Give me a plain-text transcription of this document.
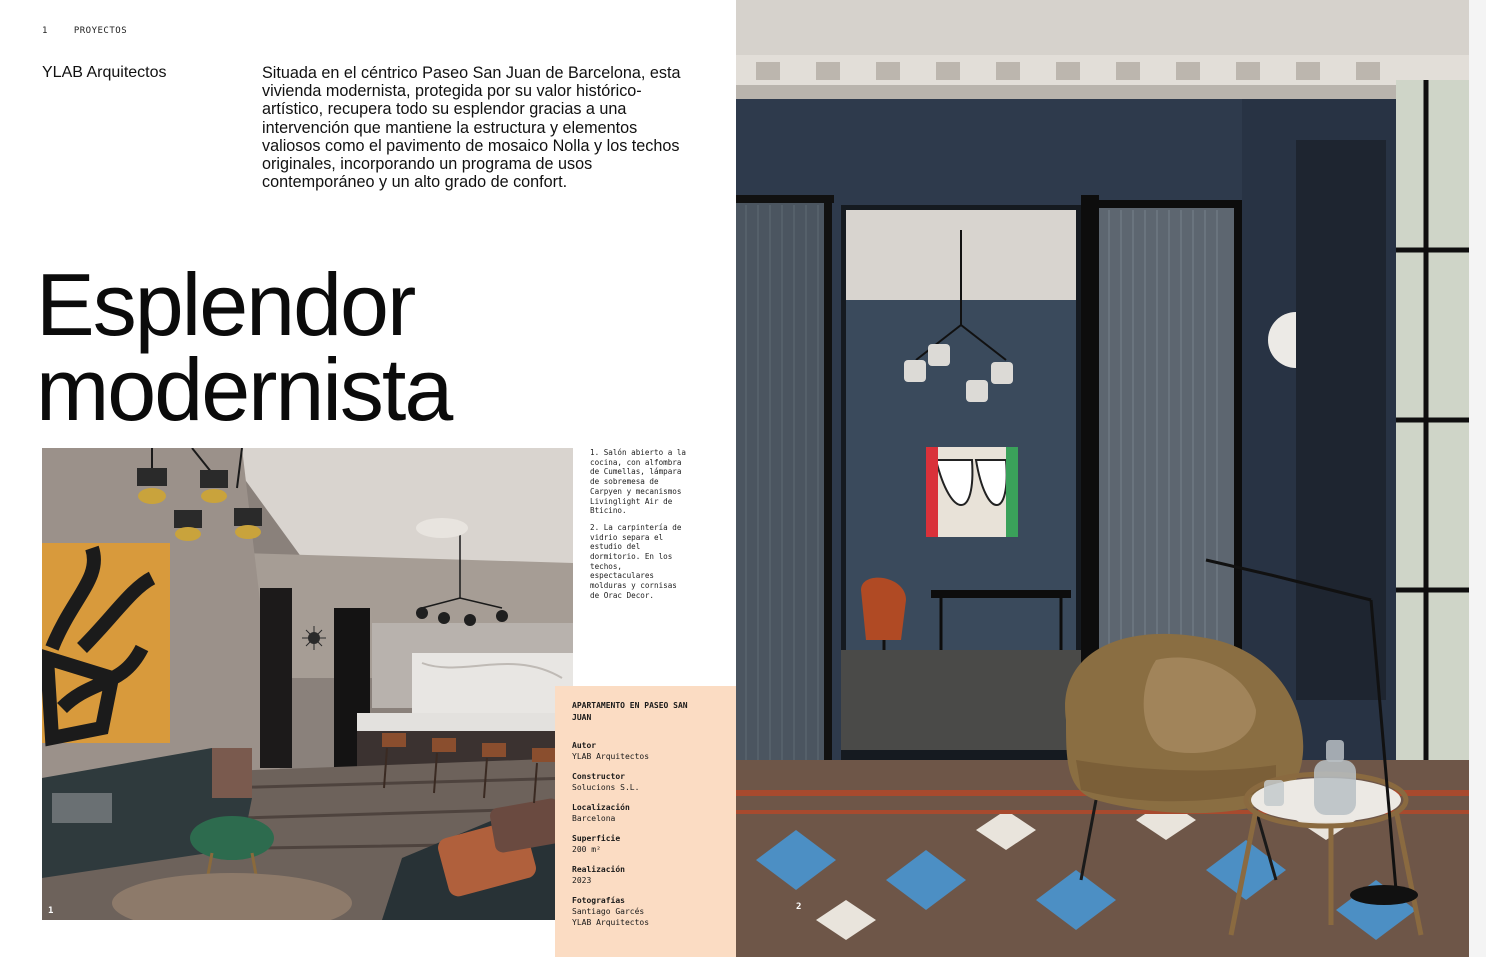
1	PROYECTOS
YLAB Arquitectos	Situada en el céntrico Paseo San Juan de Barcelona, esta vivienda modernista, protegida por su valor histórico-artístico, recupera todo su esplendor gracias a una intervención que mantiene la estructura y elementos valiosos como el pavimento de mosaico Nolla y los techos originales, incorporando un programa de usos contemporáneo y un alto grado de confort.
Esplendor
modernista
1

1. Salón abierto a la cocina, con alfombra de Cumellas, lámpara de sobremesa de Carpyen y mecanismos Livinglight Air de Bticino.

2. La carpintería de vidrio separa el estudio del dormitorio. En los techos, espectaculares molduras y cornisas de Orac Decor.

APARTAMENTO EN PASEO SAN JUAN
Autor
YLAB Arquitectos
Constructor
Solucions S.L.
Localización
Barcelona
Superficie
200 m²
Realización
2023
Fotografías
Santiago Garcés
YLAB Arquitectos
2
